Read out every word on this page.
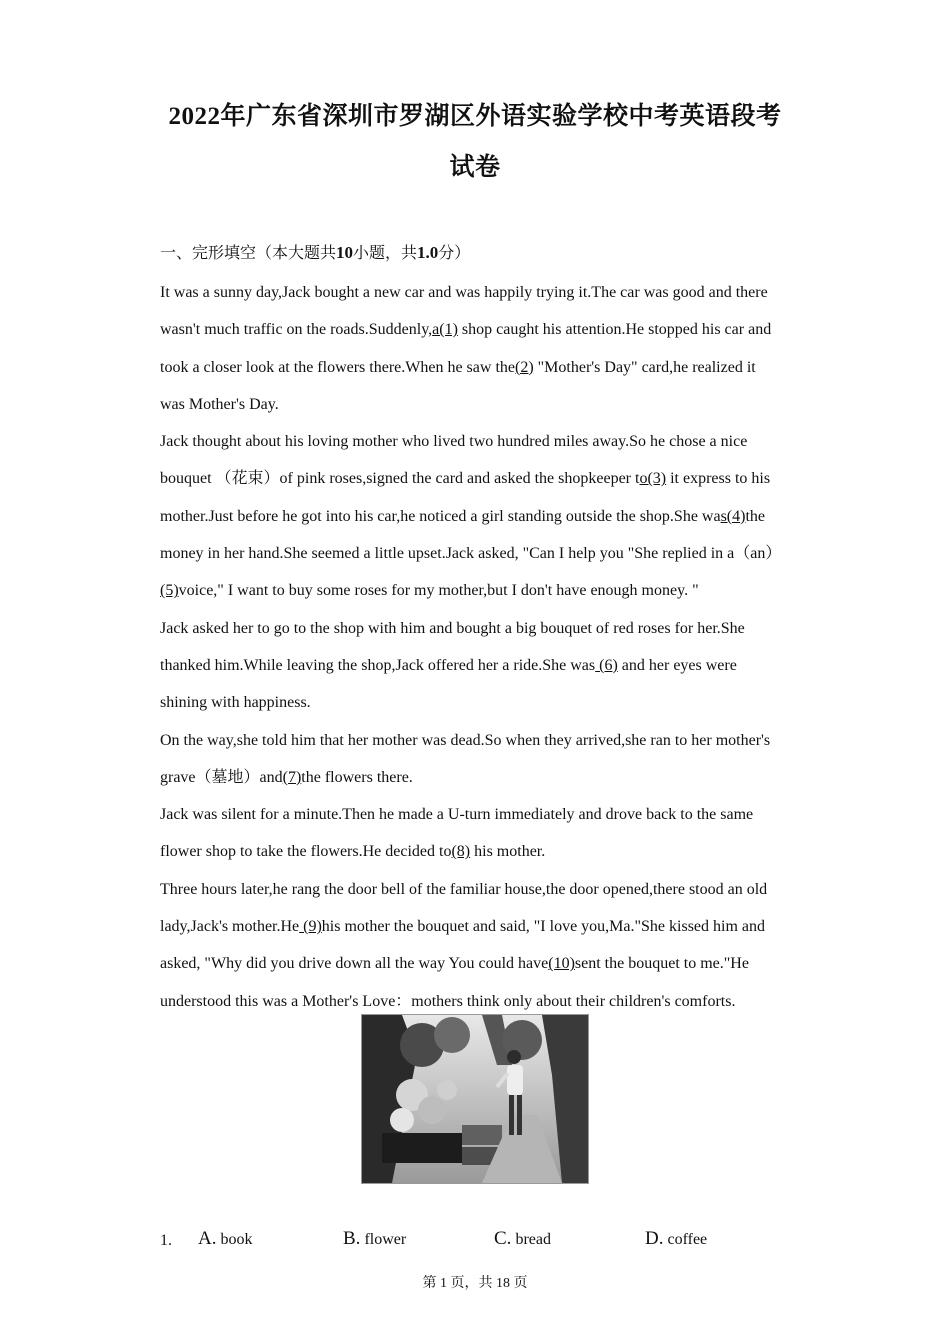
2022年广东省深圳市罗湖区外语实验学校中考英语段考
试卷
一、完形填空（本大题共10小题，共1.0分）
It was a sunny day,Jack bought a new car and was happily trying it.The car was good and there
wasn't much traffic on the roads.Suddenly,a(1) shop caught his attention.He stopped his car and
took a closer look at the flowers there.When he saw the(2) "Mother's Day" card,he realized it
was Mother's Day.
Jack thought about his loving mother who lived two hundred miles away.So he chose a nice
bouquet （花束）of pink roses,signed the card and asked the shopkeeper to(3) it express to his
mother.Just before he got into his car,he noticed a girl standing outside the shop.She was(4)the
money in her hand.She seemed a little upset.Jack asked, "Can I help you "She replied in a（an）
(5)voice," I want to buy some roses for my mother,but I don't have enough money. "
Jack asked her to go to the shop with him and bought a big bouquet of red roses for her.She
thanked him.While leaving the shop,Jack offered her a ride.She was (6) and her eyes were
shining with happiness.
On the way,she told him that her mother was dead.So when they arrived,she ran to her mother's
grave（墓地）and(7)the flowers there.
Jack was silent for a minute.Then he made a U-turn immediately and drove back to the same
flower shop to take the flowers.He decided to(8) his mother.
Three hours later,he rang the door bell of the familiar house,the door opened,there stood an old
lady,Jack's mother.He (9)his mother the bouquet and said, "I love you,Ma."She kissed him and
asked, "Why did you drive down all the way You could have(10)sent the bouquet to me."He
understood this was a Mother's Love：mothers think only about their children's comforts.
1. A. book	B. flower	C. bread	D. coffee
第 1 页，共 18 页
